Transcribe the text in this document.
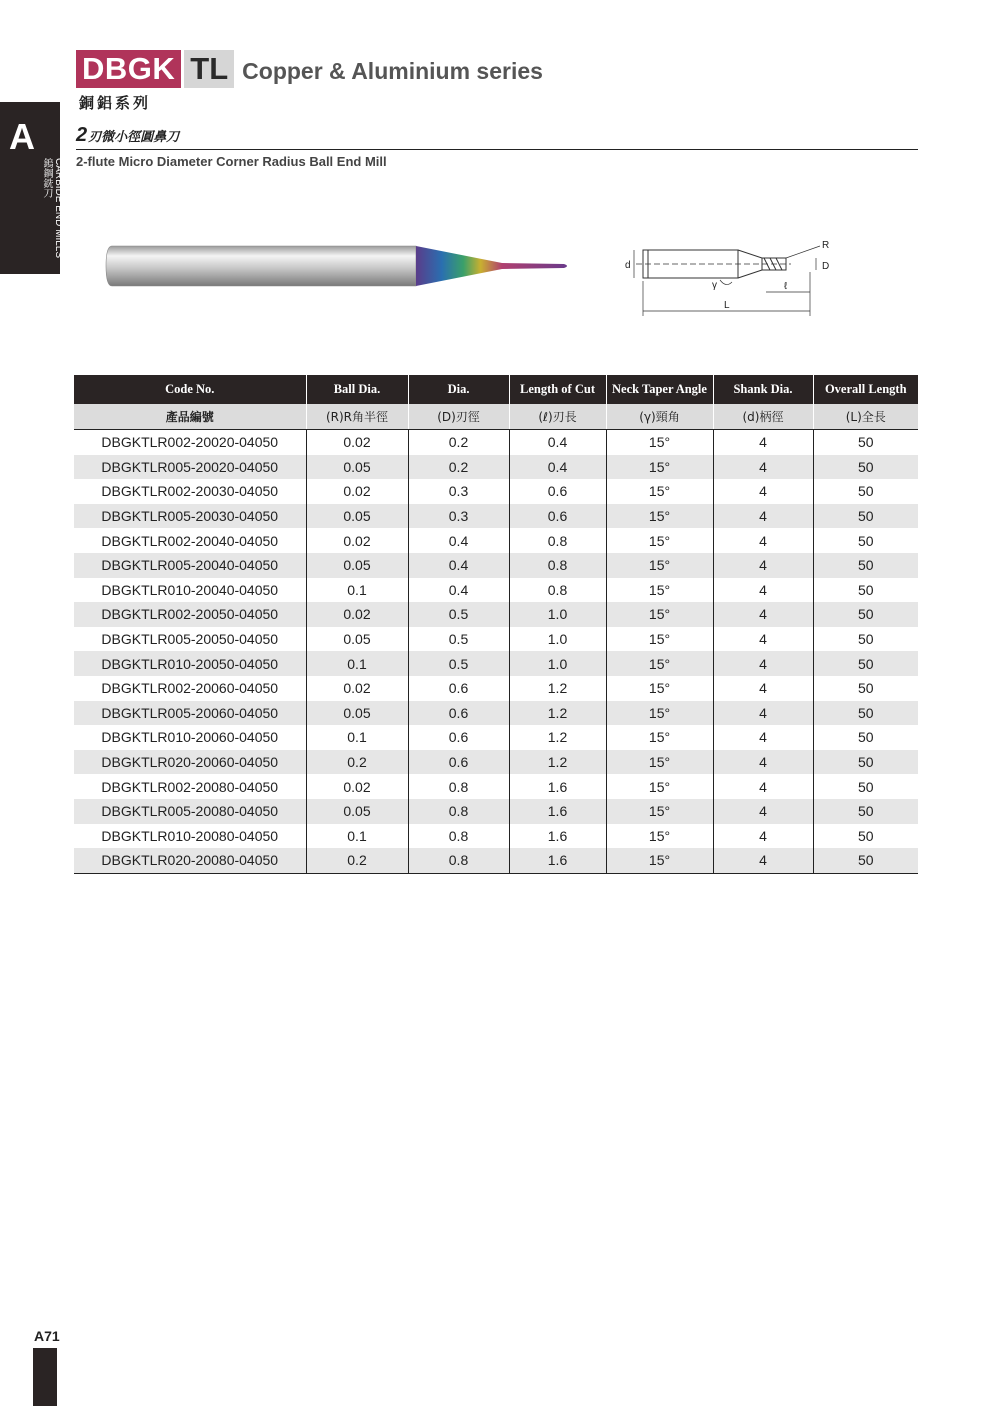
A
CARBIDE END MILLS
鎢鋼銑刀
DBGK TL Copper & Aluminium series
銅鋁系列
2刃微小徑圓鼻刀
2-flute Micro Diameter Corner Radius Ball End Mill
R
D
d
γ	ℓ
L
Code No.	Ball Dia.	Dia.	Length of Cut	Neck Taper Angle	Shank Dia.	Overall Length
產品編號	(R)R角半徑	(D)刃徑	(ℓ)刃長	(γ)頸角	(d)柄徑	(L)全長
DBGKTLR002-20020-04050	0.02	0.2	0.4	15°	4	50
DBGKTLR005-20020-04050	0.05	0.2	0.4	15°	4	50
DBGKTLR002-20030-04050	0.02	0.3	0.6	15°	4	50
DBGKTLR005-20030-04050	0.05	0.3	0.6	15°	4	50
DBGKTLR002-20040-04050	0.02	0.4	0.8	15°	4	50
DBGKTLR005-20040-04050	0.05	0.4	0.8	15°	4	50
DBGKTLR010-20040-04050	0.1	0.4	0.8	15°	4	50
DBGKTLR002-20050-04050	0.02	0.5	1.0	15°	4	50
DBGKTLR005-20050-04050	0.05	0.5	1.0	15°	4	50
DBGKTLR010-20050-04050	0.1	0.5	1.0	15°	4	50
DBGKTLR002-20060-04050	0.02	0.6	1.2	15°	4	50
DBGKTLR005-20060-04050	0.05	0.6	1.2	15°	4	50
DBGKTLR010-20060-04050	0.1	0.6	1.2	15°	4	50
DBGKTLR020-20060-04050	0.2	0.6	1.2	15°	4	50
DBGKTLR002-20080-04050	0.02	0.8	1.6	15°	4	50
DBGKTLR005-20080-04050	0.05	0.8	1.6	15°	4	50
DBGKTLR010-20080-04050	0.1	0.8	1.6	15°	4	50
DBGKTLR020-20080-04050	0.2	0.8	1.6	15°	4	50
A71
